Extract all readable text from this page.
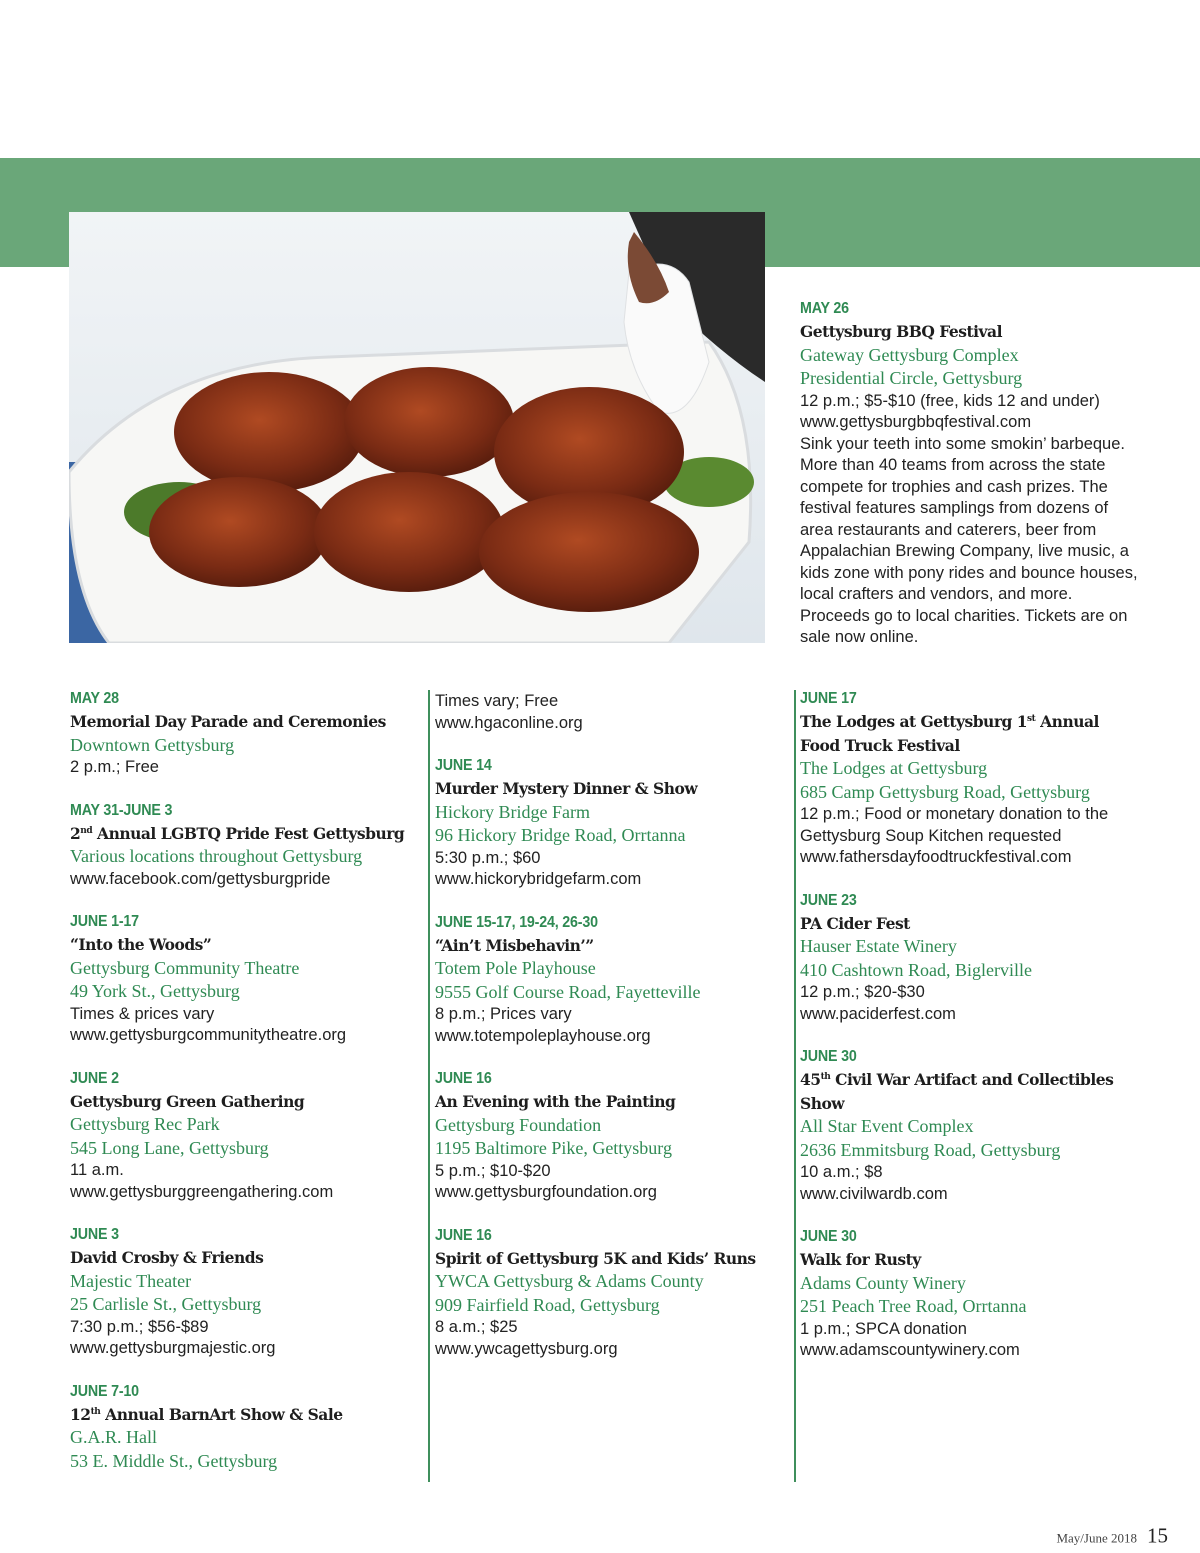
MAY 26
Gettysburg BBQ Festival
Gateway Gettysburg Complex
Presidential Circle, Gettysburg
12 p.m.; $5-$10 (free, kids 12 and under)
www.gettysburgbbqfestival.com
Sink your teeth into some smokin’ barbeque. More than 40 teams from across the state compete for trophies and cash prizes. The festival features samplings from dozens of area restaurants and caterers, beer from Appalachian Brewing Company, live music, a kids zone with pony rides and bounce houses, local crafters and vendors, and more. Proceeds go to local charities. Tickets are on sale now online.
MAY 28
Memorial Day Parade and Ceremonies
Downtown Gettysburg
2 p.m.; Free
MAY 31-JUNE 3
2nd Annual LGBTQ Pride Fest Gettysburg
Various locations throughout Gettysburg
www.facebook.com/gettysburgpride
JUNE 1-17
“Into the Woods”
Gettysburg Community Theatre
49 York St., Gettysburg
Times & prices vary
www.gettysburgcommunitytheatre.org
JUNE 2
Gettysburg Green Gathering
Gettysburg Rec Park
545 Long Lane, Gettysburg
11 a.m.
www.gettysburggreengathering.com
JUNE 3
David Crosby & Friends
Majestic Theater
25 Carlisle St., Gettysburg
7:30 p.m.; $56-$89
www.gettysburgmajestic.org
JUNE 7-10
12th Annual BarnArt Show & Sale
G.A.R. Hall
53 E. Middle St., Gettysburg
Times vary; Free
www.hgaconline.org
JUNE 14
Murder Mystery Dinner & Show
Hickory Bridge Farm
96 Hickory Bridge Road, Orrtanna
5:30 p.m.; $60
www.hickorybridgefarm.com
JUNE 15-17, 19-24, 26-30
“Ain’t Misbehavin’”
Totem Pole Playhouse
9555 Golf Course Road, Fayetteville
8 p.m.; Prices vary
www.totempoleplayhouse.org
JUNE 16
An Evening with the Painting
Gettysburg Foundation
1195 Baltimore Pike, Gettysburg
5 p.m.; $10-$20
www.gettysburgfoundation.org
JUNE 16
Spirit of Gettysburg 5K and Kids’ Runs
YWCA Gettysburg & Adams County
909 Fairfield Road, Gettysburg
8 a.m.; $25
www.ywcagettysburg.org
JUNE 17
The Lodges at Gettysburg 1st Annual Food Truck Festival
The Lodges at Gettysburg
685 Camp Gettysburg Road, Gettysburg
12 p.m.; Food or monetary donation to the Gettysburg Soup Kitchen requested
www.fathersdayfoodtruckfestival.com
JUNE 23
PA Cider Fest
Hauser Estate Winery
410 Cashtown Road, Biglerville
12 p.m.; $20-$30
www.paciderfest.com
JUNE 30
45th Civil War Artifact and Collectibles Show
All Star Event Complex
2636 Emmitsburg Road, Gettysburg
10 a.m.; $8
www.civilwardb.com
JUNE 30
Walk for Rusty
Adams County Winery
251 Peach Tree Road, Orrtanna
1 p.m.; SPCA donation
www.adamscountywinery.com
May/June 2018 15
